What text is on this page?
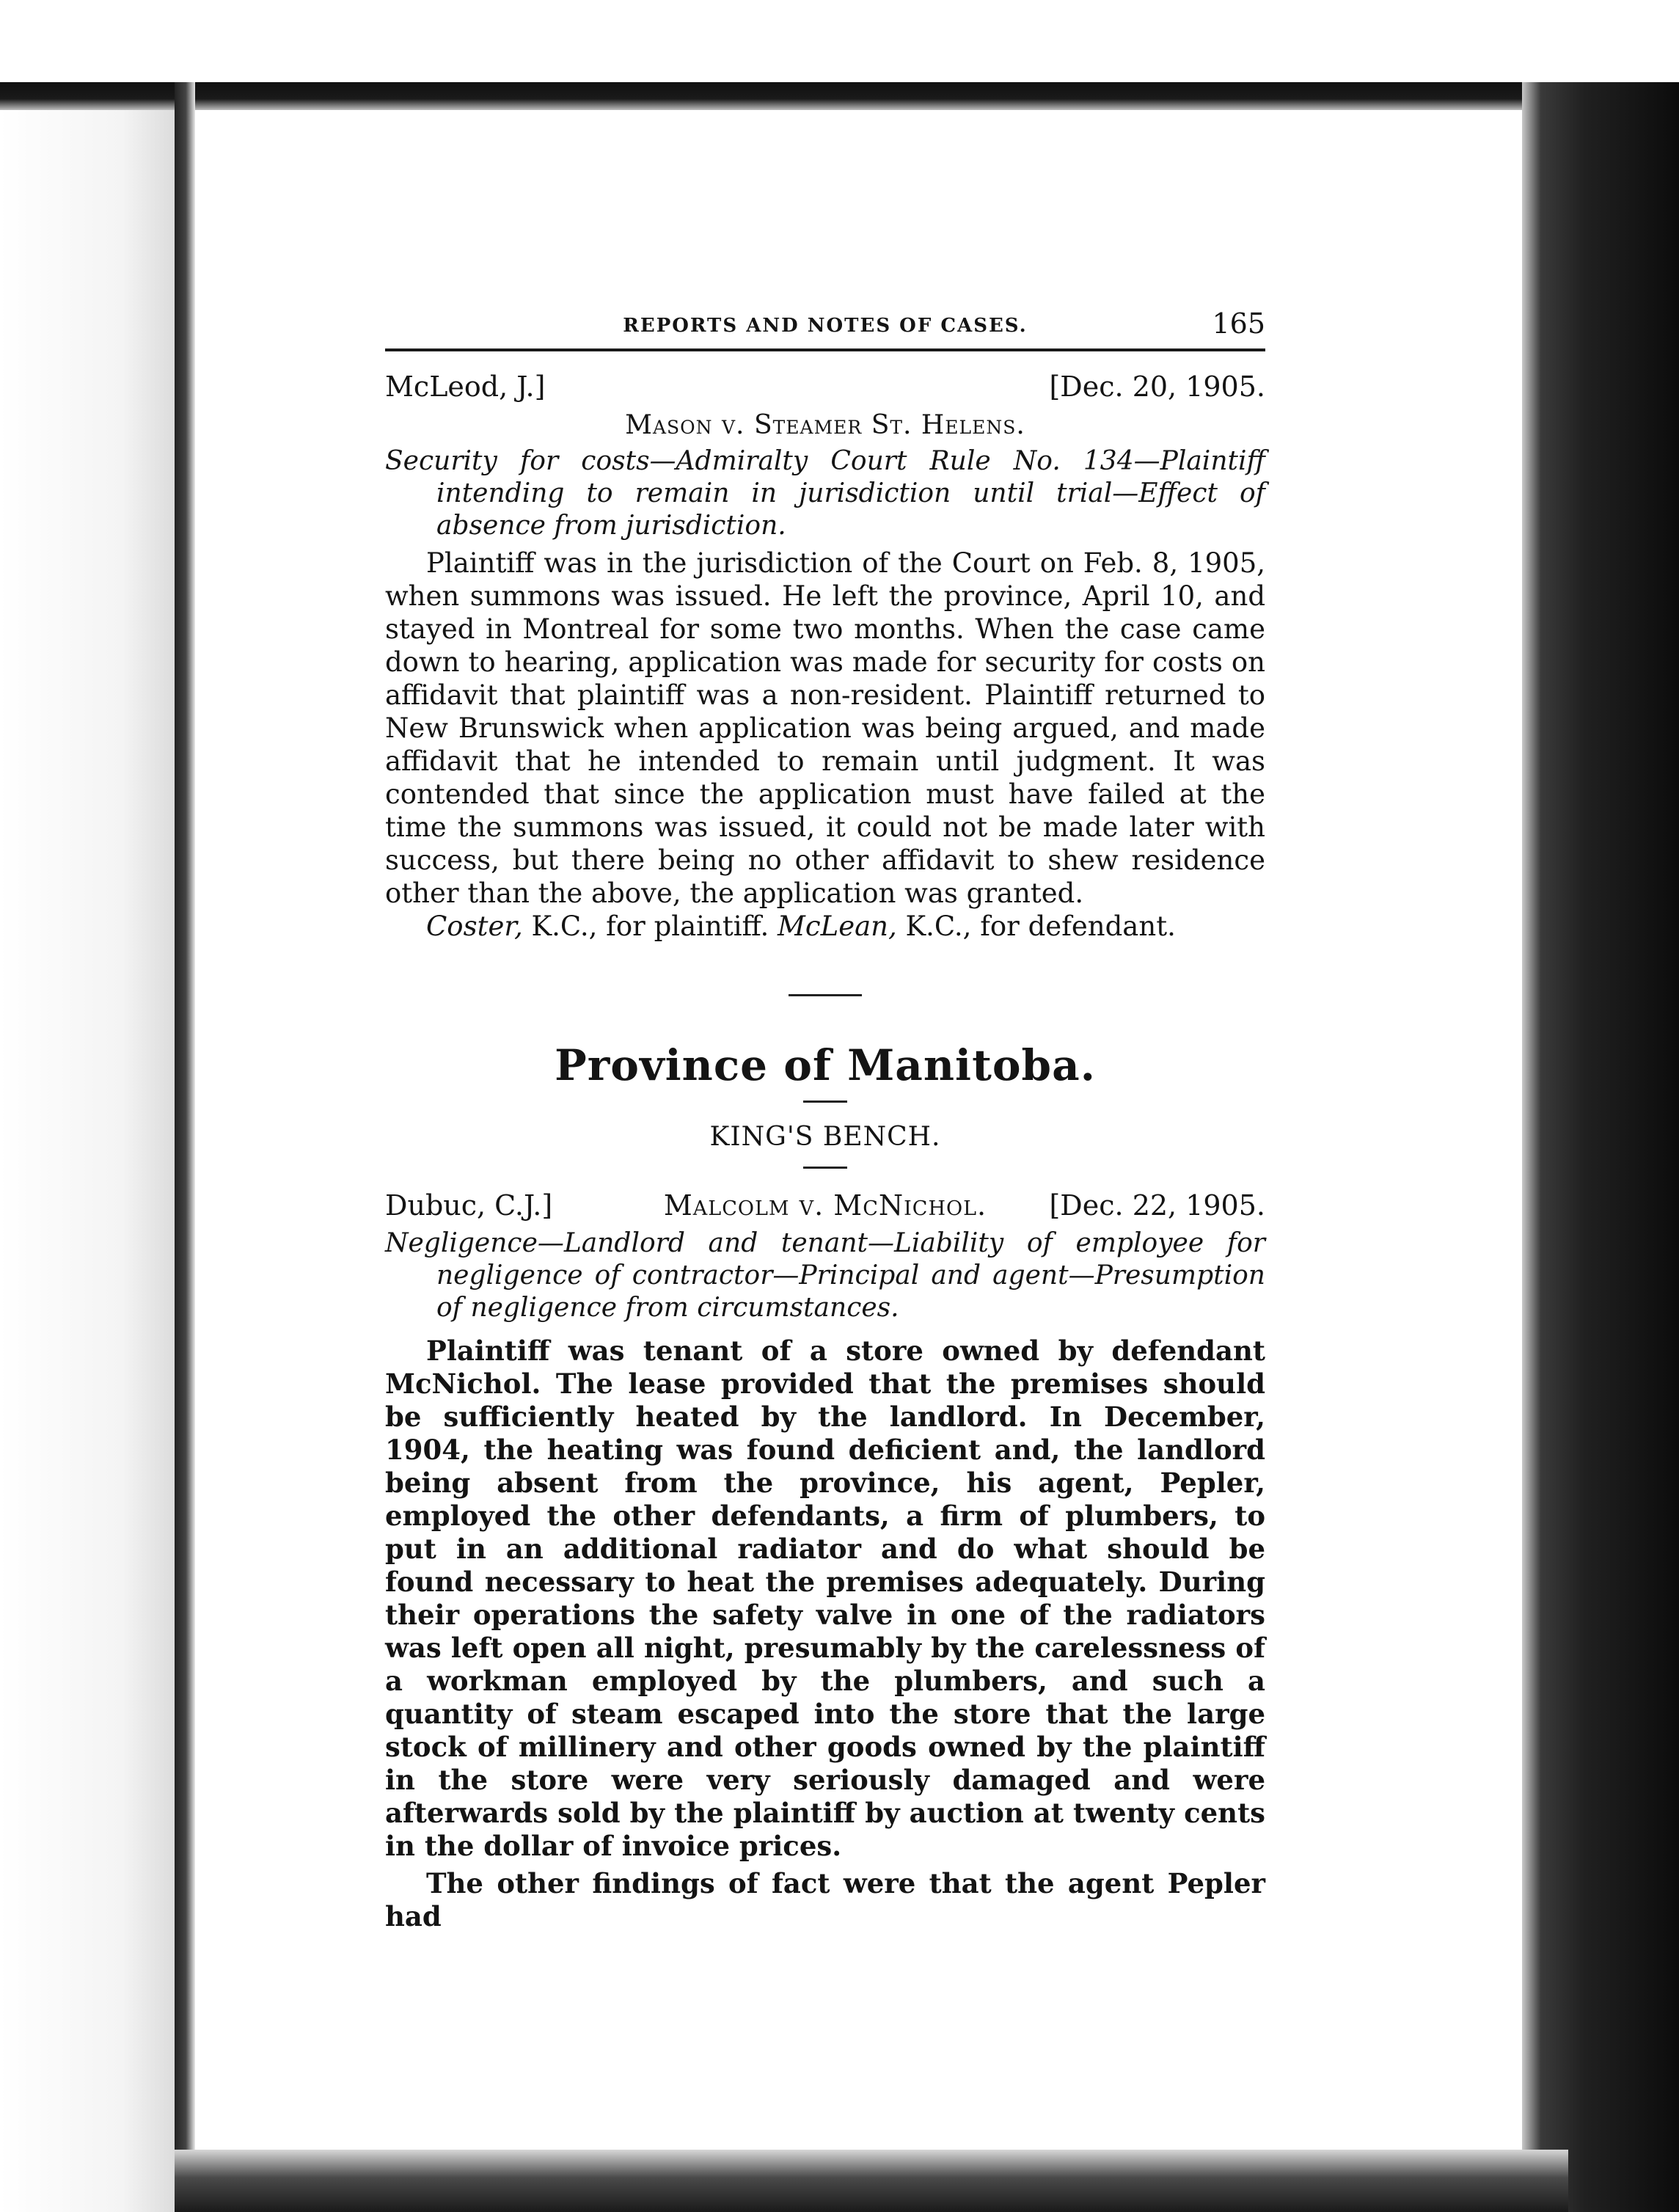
REPORTS AND NOTES OF CASES.	165
McLeod, J.]	[Dec. 20, 1905.
Mason v. Steamer St. Helens.
Security for costs—Admiralty Court Rule No. 134—Plaintiff intending to remain in jurisdiction until trial—Effect of absence from jurisdiction.

Plaintiff was in the jurisdiction of the Court on Feb. 8, 1905, when summons was issued. He left the province, April 10, and stayed in Montreal for some two months. When the case came down to hearing, application was made for security for costs on affidavit that plaintiff was a non-resident. Plaintiff returned to New Brunswick when application was being argued, and made affidavit that he intended to remain until judgment. It was contended that since the application must have failed at the time the summons was issued, it could not be made later with success, but there being no other affidavit to shew residence other than the above, the application was granted.

Coster, K.C., for plaintiff. McLean, K.C., for defendant.

Province of Manitoba.
KING'S BENCH.
Dubuc, C.J.]	Malcolm v. McNichol.	[Dec. 22, 1905.
Negligence—Landlord and tenant—Liability of employee for negligence of contractor—Principal and agent—Presumption of negligence from circumstances.

Plaintiff was tenant of a store owned by defendant McNichol. The lease provided that the premises should be sufficiently heated by the landlord. In December, 1904, the heating was found deficient and, the landlord being absent from the province, his agent, Pepler, employed the other defendants, a firm of plumbers, to put in an additional radiator and do what should be found necessary to heat the premises adequately. During their operations the safety valve in one of the radiators was left open all night, presumably by the carelessness of a workman employed by the plumbers, and such a quantity of steam escaped into the store that the large stock of millinery and other goods owned by the plaintiff in the store were very seriously damaged and were afterwards sold by the plaintiff by auction at twenty cents in the dollar of invoice prices.

The other findings of fact were that the agent Pepler had
